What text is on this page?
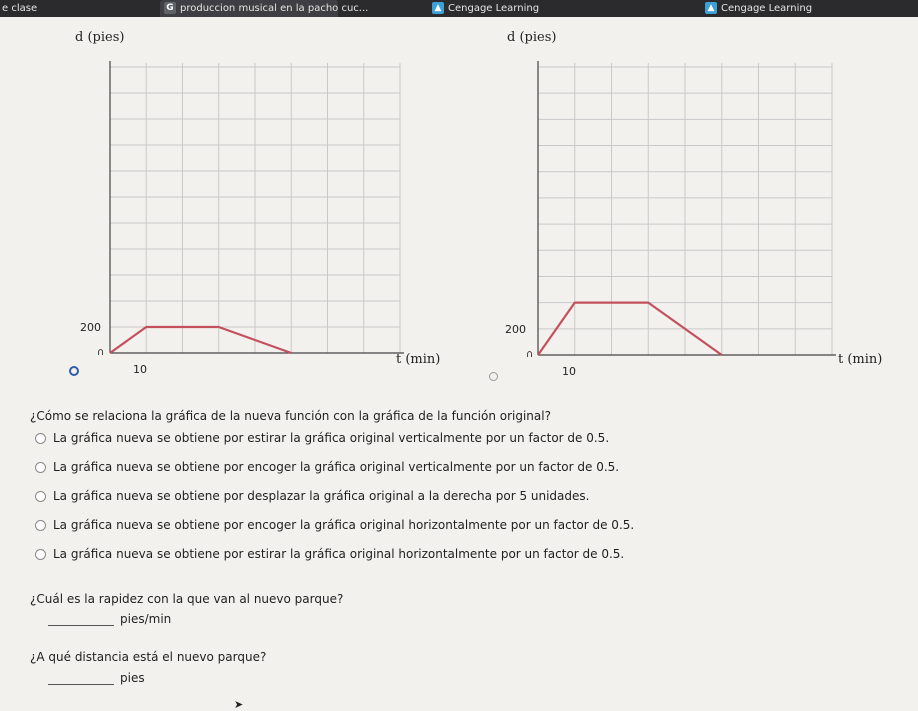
e clase	G produccion musical en la pacho cuc...	▲ Cengage Learning	▲ Cengage Learning
d (pies)
t (min)
200
10
∩
d (pies)
t (min)
200
10
∩
¿Cómo se relaciona la gráfica de la nueva función con la gráfica de la función original?
La gráfica nueva se obtiene por estirar la gráfica original verticalmente por un factor de 0.5.
La gráfica nueva se obtiene por encoger la gráfica original verticalmente por un factor de 0.5.
La gráfica nueva se obtiene por desplazar la gráfica original a la derecha por 5 unidades.
La gráfica nueva se obtiene por encoger la gráfica original horizontalmente por un factor de 0.5.
La gráfica nueva se obtiene por estirar la gráfica original horizontalmente por un factor de 0.5.
¿Cuál es la rapidez con la que van al nuevo parque?
pies/min
¿A qué distancia está el nuevo parque?
pies
➤
